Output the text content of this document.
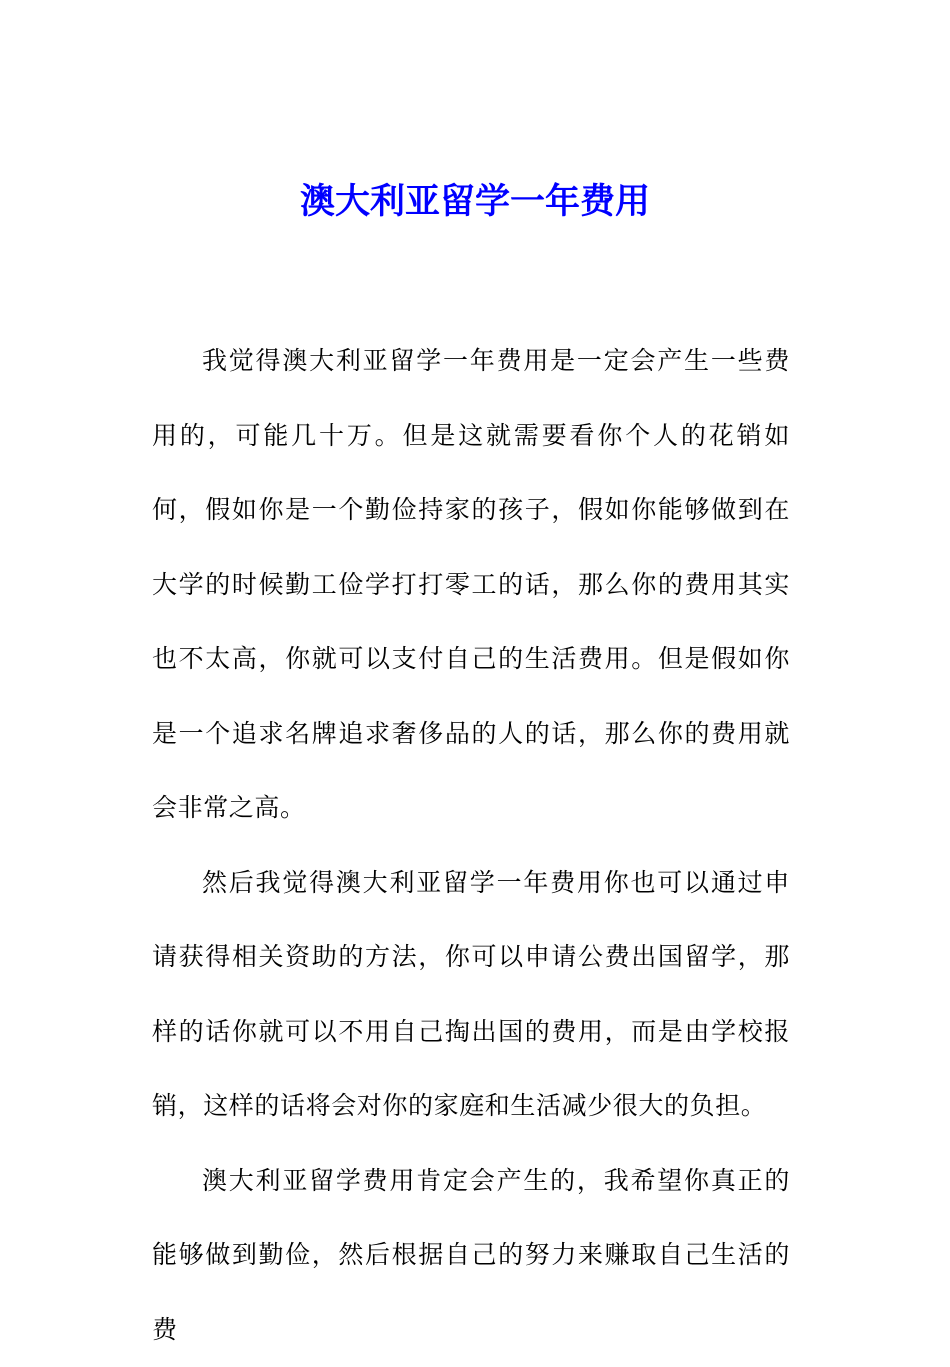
澳大利亚留学一年费用

我觉得澳大利亚留学一年费用是一定会产生一些费用的，可能几十万。但是这就需要看你个人的花销如何，假如你是一个勤俭持家的孩子，假如你能够做到在大学的时候勤工俭学打打零工的话，那么你的费用其实也不太高，你就可以支付自己的生活费用。但是假如你是一个追求名牌追求奢侈品的人的话，那么你的费用就会非常之高。

然后我觉得澳大利亚留学一年费用你也可以通过申请获得相关资助的方法，你可以申请公费出国留学，那样的话你就可以不用自己掏出国的费用，而是由学校报销，这样的话将会对你的家庭和生活减少很大的负担。

澳大利亚留学费用肯定会产生的，我希望你真正的能够做到勤俭，然后根据自己的努力来赚取自己生活的费
